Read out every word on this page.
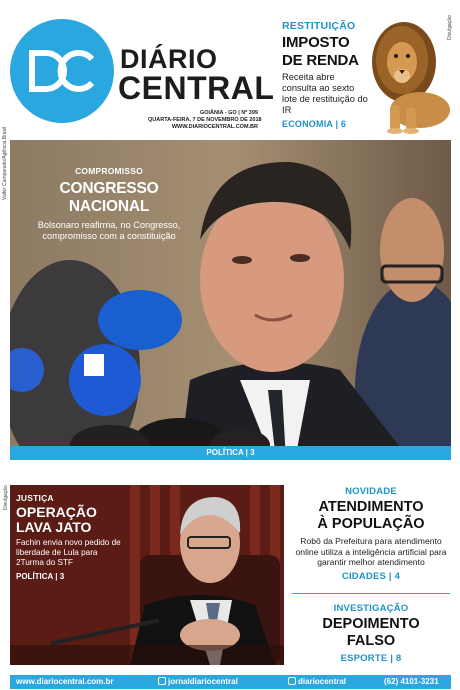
DIÁRIO
CENTRAL
GOIÂNIA - GO | Nº 399
QUARTA-FEIRA, 7 DE NOVEMBRO DE 2018
WWW.DIARIOCENTRAL.COM.BR
RESTITUIÇÃO
IMPOSTO
DE RENDA
Receita abre consulta ao sexto lote de restituição do IR
ECONOMIA | 6
Divulgação
Valter Campanato/Agência Brasil	COMPROMISSO
CONGRESSO NACIONAL
Bolsonaro reafirma, no Congresso, compromisso com a constituição
POLÍTICA | 3
Divulgação JUSTIÇA
OPERAÇÃO
LAVA JATO
Fachin envia novo pedido de liberdade de Lula para 2Turma do STF
POLÍTICA | 3
NOVIDADE
ATENDIMENTO
À POPULAÇÃO
Robô da Prefeitura para atendimento online utiliza a inteligência artificial para garantir melhor atendimento
CIDADES | 4
INVESTIGAÇÃO
DEPOIMENTO
FALSO
ESPORTE | 8
www.diariocentral.com.br	jornaldiariocentral	diariocentral	(62) 4101-3231
